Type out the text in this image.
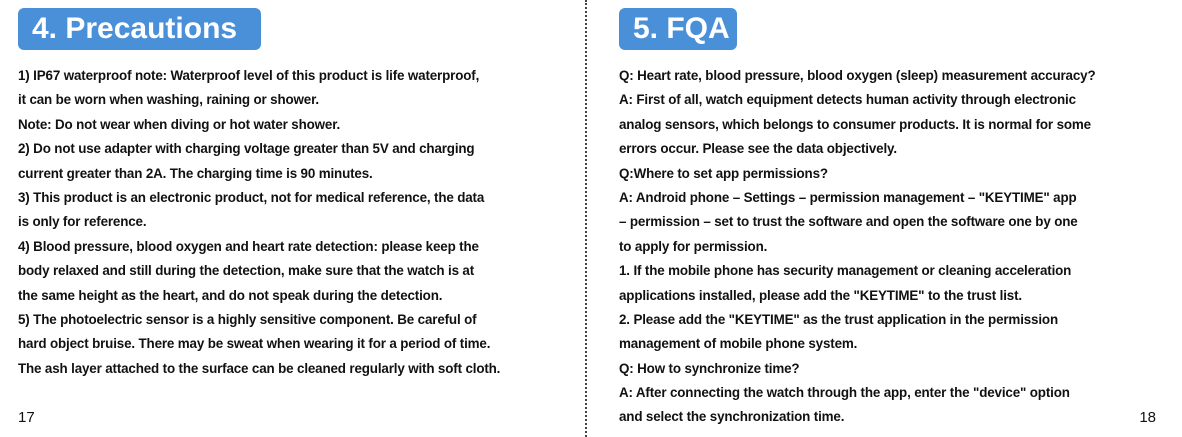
4. Precautions
1) IP67 waterproof note: Waterproof level of this product is life waterproof,
it can be worn when washing, raining or shower.
Note: Do not wear when diving or hot water shower.
2) Do not use adapter with charging voltage greater than 5V and charging
current greater than 2A. The charging time is 90 minutes.
3) This product is an electronic product, not for medical reference, the data
is only for reference.
4) Blood pressure, blood oxygen and heart rate detection: please keep the
body relaxed and still during the detection, make sure that the watch is at
the same height as the heart, and do not speak during the detection.
5) The photoelectric sensor is a highly sensitive component. Be careful of
hard object bruise. There may be sweat when wearing it for a period of time.
The ash layer attached to the surface can be cleaned regularly with soft cloth.
17
5. FQA
Q: Heart rate, blood pressure, blood oxygen (sleep) measurement accuracy?
A: First of all, watch equipment detects human activity through electronic
analog sensors, which belongs to consumer products. It is normal for some
errors occur. Please see the data objectively.
Q:Where to set app permissions?
A: Android phone – Settings – permission management – "KEYTIME" app
– permission – set to trust the software and open the software one by one
to apply for permission.
1. If the mobile phone has security management or cleaning acceleration
applications installed, please add the "KEYTIME" to the trust list.
2. Please add the "KEYTIME" as the trust application in the permission
management of mobile phone system.
Q: How to synchronize time?
A: After connecting the watch through the app, enter the "device" option
and select the synchronization time.	18
